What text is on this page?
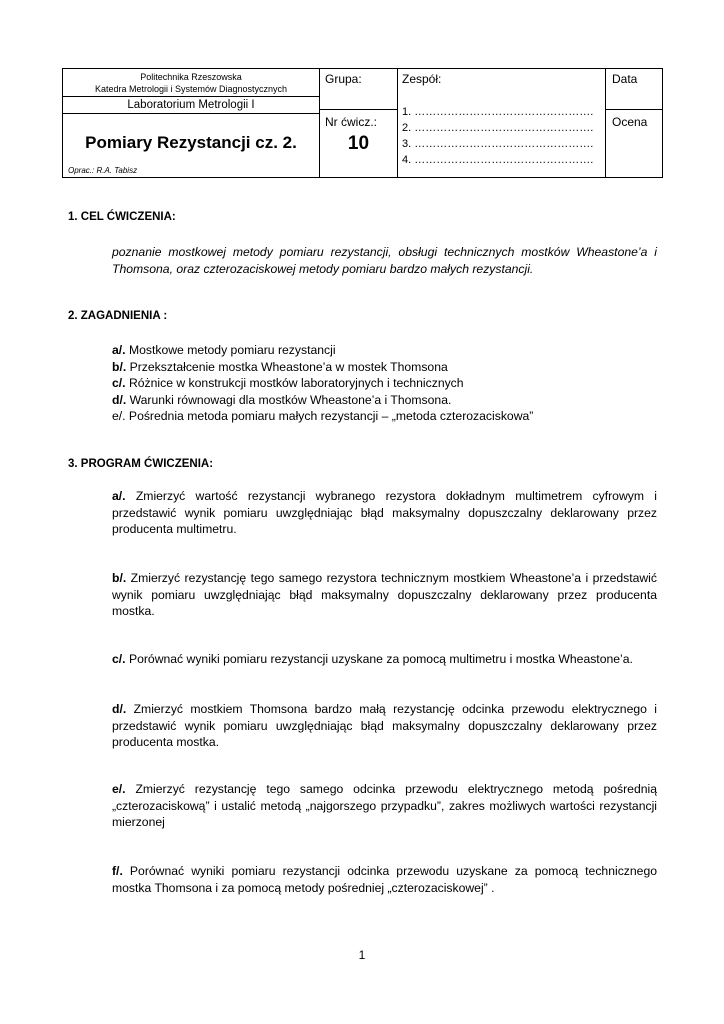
Politechnika Rzeszowska
Katedra Metrologii i Systemów Diagnostycznych
Laboratorium Metrologii I
Pomiary Rezystancji cz. 2.
Oprac.: R.A. Tabisz
Grupa:
Nr ćwicz.:
10
Zespół:
1. ………………………………………….
2. ………………………………………….
3. ………………………………………….
4. ………………………………………….
Data
Ocena
1. CEL ĆWICZENIA:
poznanie mostkowej metody pomiaru rezystancji, obsługi technicznych mostków Wheastone’a i Thomsona, oraz czterozaciskowej metody pomiaru bardzo małych rezystancji.
2. ZAGADNIENIA :
a/. Mostkowe metody pomiaru rezystancji
b/. Przekształcenie mostka Wheastone’a w mostek Thomsona
c/. Różnice w konstrukcji mostków laboratoryjnych i technicznych
d/. Warunki równowagi dla mostków Wheastone’a i Thomsona.
e/. Pośrednia metoda pomiaru małych rezystancji – „metoda czterozaciskowa”
3. PROGRAM ĆWICZENIA:
a/. Zmierzyć wartość rezystancji wybranego rezystora dokładnym multimetrem cyfrowym i przedstawić wynik pomiaru uwzględniając błąd maksymalny dopuszczalny deklarowany przez producenta multimetru.
b/. Zmierzyć rezystancję tego samego rezystora technicznym mostkiem Wheastone’a i przedstawić wynik pomiaru uwzględniając błąd maksymalny dopuszczalny deklarowany przez producenta mostka.
c/. Porównać wyniki pomiaru rezystancji uzyskane za pomocą multimetru i mostka Wheastone’a.
d/. Zmierzyć mostkiem Thomsona bardzo małą rezystancję odcinka przewodu elektrycznego i przedstawić wynik pomiaru uwzględniając błąd maksymalny dopuszczalny deklarowany przez producenta mostka.
e/. Zmierzyć rezystancję tego samego odcinka przewodu elektrycznego metodą pośrednią „czterozaciskową” i ustalić metodą „najgorszego przypadku”, zakres możliwych wartości rezystancji mierzonej
f/. Porównać wyniki pomiaru rezystancji odcinka przewodu uzyskane za pomocą technicznego mostka Thomsona i za pomocą metody pośredniej „czterozaciskowej” .
1
